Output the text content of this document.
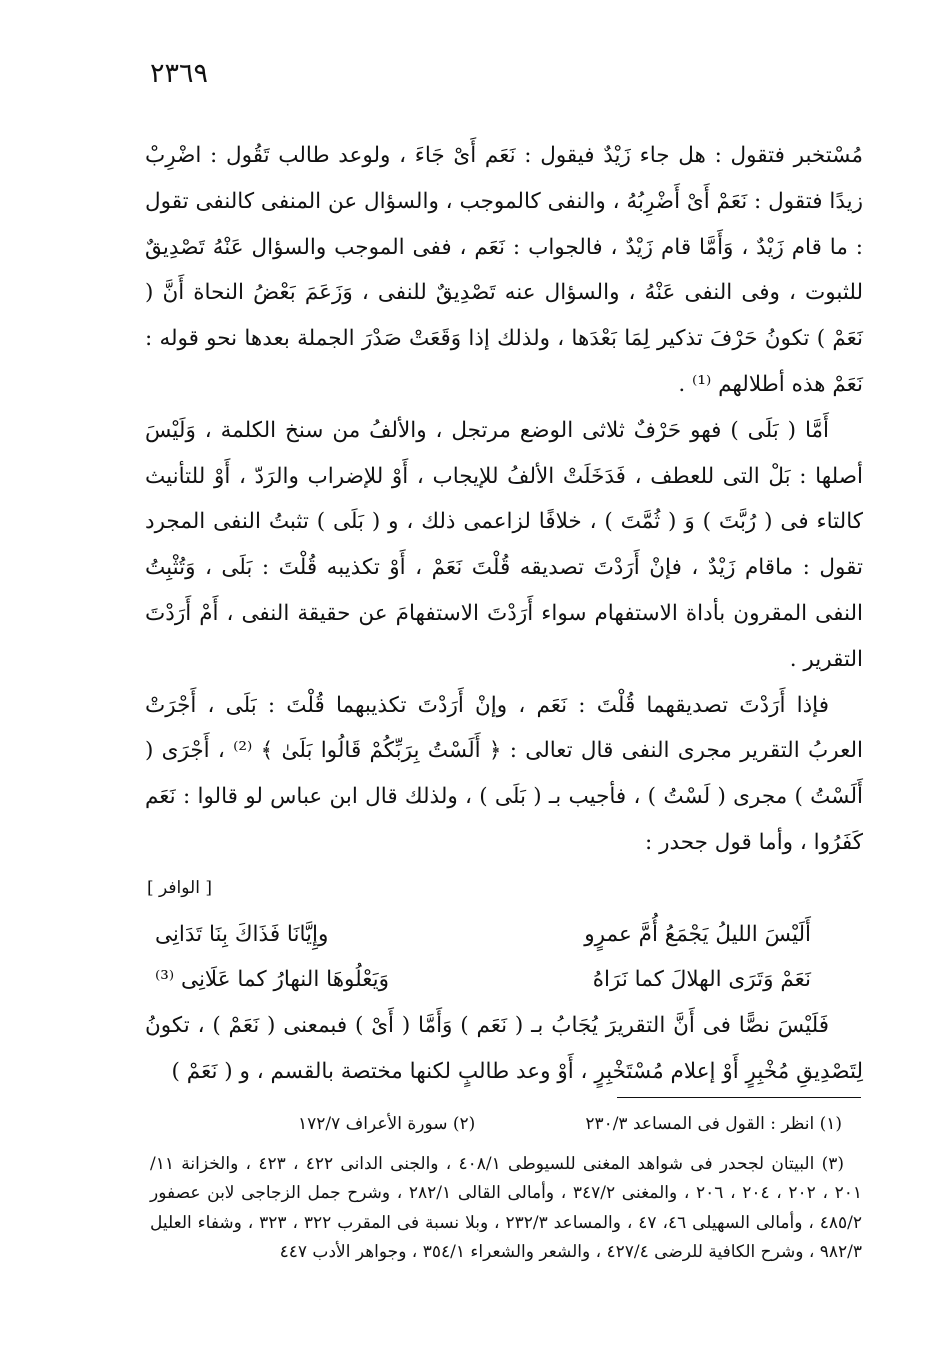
٢٣٦٩

مُسْتخبر فتقول : هل جاء زَيْدٌ فيقول : نَعَم أَىْ جَاءَ ، ولوعد طالب تَقُول : اضْرِبْ زيدًا فتقول : نَعَمْ أَىْ أَضْرِبُهُ ، والنفى كالموجب ، والسؤال عن المنفى كالنفى تقول : ما قام زَيْدٌ ، وَأَمَّا قام زَيْدٌ ، فالجواب : نَعَم ، ففى الموجب والسؤال عَنْهُ تَصْدِيقٌ للثبوت ، وفى النفى عَنْهُ ، والسؤال عنه تَصْدِيقٌ للنفى ، وَزَعَمَ بَعْضُ النحاة أَنَّ ( نَعَمْ ) تكونُ حَرْفَ تذكير لِمَا بَعْدَها ، ولذلك إذا وَقَعَتْ صَدْرَ الجملة بعدها نحو قوله : نَعَمْ هذه أطلالهم ⁽¹⁾ .

أَمَّا ( بَلَى ) فهو حَرْفٌ ثلاثى الوضع مرتجل ، والألفُ من سنخ الكلمة ، وَلَيْسَ أصلها : بَلْ التى للعطف ، فَدَخَلَتْ الألفُ للإيجاب ، أَوْ للإضراب والرَدّ ، أَوْ للتأنيث كالتاء فى ( رُبَّتَ ) وَ ( ثُمَّتَ ) ، خلافًا لزاعمى ذلك ، و ( بَلَى ) تثبتُ النفى المجرد تقول : ماقام زَيْدٌ ، فإنْ أَرَدْتَ تصديقه قُلْتَ نَعَمْ ، أَوْ تكذيبه قُلْتَ : بَلَى ، وَتُثْبِتُ النفى المقرون بأداة الاستفهام سواء أَرَدْتَ الاستفهامَ عن حقيقة النفى ، أَمْ أَرَدْتَ التقرير .

فإذا أَرَدْتَ تصديقهما قُلْتَ : نَعَم ، وإنْ أَرَدْتَ تكذيبهما قُلْتَ : بَلَى ، أَجْرَتْ العربُ التقرير مجرى النفى قال تعالى : ﴿ أَلَسْتُ بِرَبِّكُمْ قَالُوا بَلَىٰ ﴾ ⁽²⁾ ، أَجْرَى ( أَلَسْتُ ) مجرى ( لَسْتُ ) ، فأجيب بـ ( بَلَى ) ، ولذلك قال ابن عباس لو قالوا : نَعَم كَفَرُوا ، وأما قول جحدر :

[ الوافر ]
أَلَيْسَ الليلُ يَجْمَعُ أُمَّ عمرٍو
وإِيَّانَا فَذَاكَ بِنَا تَدَانِى
نَعَمْ وَتَرَى الهلالَ كما نَرَاهُ
وَيَعْلُوهَا النهارُ كما عَلَانِى ⁽³⁾

فَلَيْسَ نصًّا فى أَنَّ التقريرَ يُجَابُ بـ ( نَعَم ) وَأَمَّا ( أَىْ ) فبمعنى ( نَعَمْ ) ، تكونُ لِتَصْدِيقِ مُخْبِرٍ أَوْ إعلام مُسْتَخْبِرٍ ، أَوْ وعد طالبٍ لكنها مختصة بالقسم ، و ( نَعَمْ )

(١) انظر : القول فى المساعد ٢٣٠/٣
(٢) سورة الأعراف ١٧٢/٧

(٣) البيتان لجحدر فى شواهد المغنى للسيوطى ٤٠٨/١ ، والجنى الدانى ٤٢٢ ، ٤٢٣ ، والخزانة ١١/ ٢٠١ ، ٢٠٢ ، ٢٠٤ ، ٢٠٦ ، والمغنى ٣٤٧/٢ ، وأمالى القالى ٢٨٢/١ ، وشرح جمل الزجاجى لابن عصفور ٤٨٥/٢ ، وأمالى السهيلى ٤٦، ٤٧ ، والمساعد ٢٣٢/٣ ، وبلا نسبة فى المقرب ٣٢٢ ، ٣٢٣ ، وشفاء العليل ٩٨٢/٣ ، وشرح الكافية للرضى ٤٢٧/٤ ، والشعر والشعراء ٣٥٤/١ ، وجواهر الأدب ٤٤٧
